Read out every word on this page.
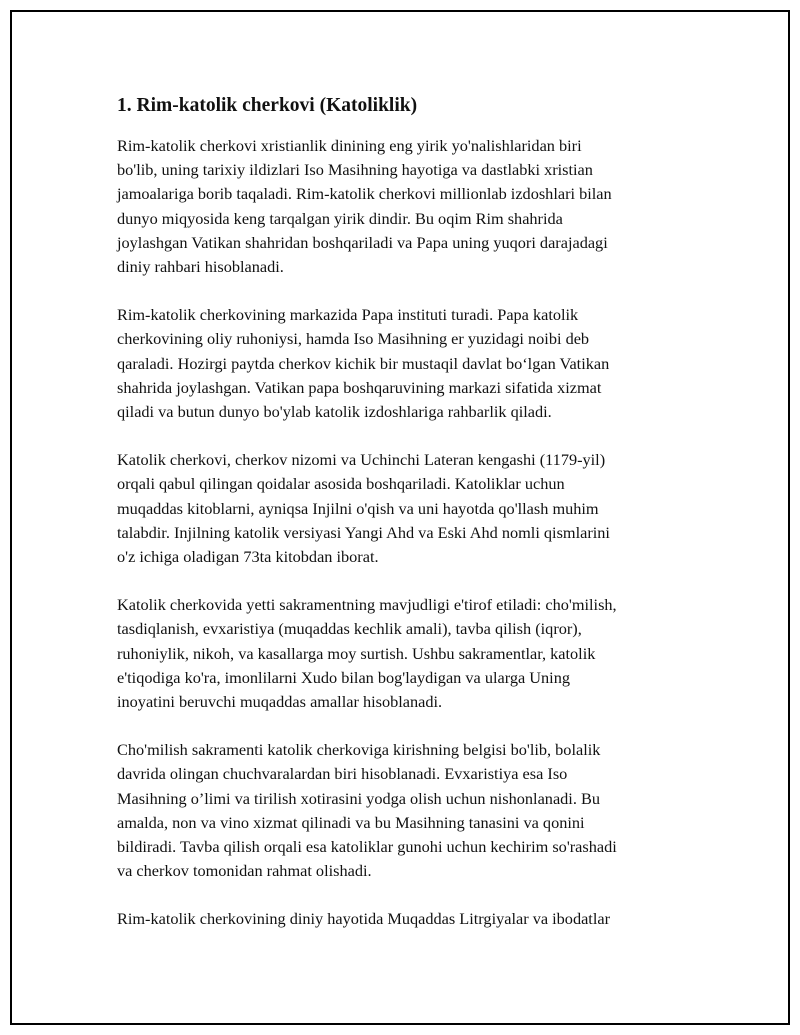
1. Rim-katolik cherkovi (Katoliklik)

Rim-katolik cherkovi xristianlik dinining eng yirik yo'nalishlaridan biri
bo'lib, uning tarixiy ildizlari Iso Masihning hayotiga va dastlabki xristian
jamoalariga borib taqaladi. Rim-katolik cherkovi millionlab izdoshlari bilan
dunyo miqyosida keng tarqalgan yirik dindir. Bu oqim Rim shahrida
joylashgan Vatikan shahridan boshqariladi va Papa uning yuqori darajadagi
diniy rahbari hisoblanadi.

Rim-katolik cherkovining markazida Papa instituti turadi. Papa katolik
cherkovining oliy ruhoniysi, hamda Iso Masihning er yuzidagi noibi deb
qaraladi. Hozirgi paytda cherkov kichik bir mustaqil davlat bo‘lgan Vatikan
shahrida joylashgan. Vatikan papa boshqaruvining markazi sifatida xizmat
qiladi va butun dunyo bo'ylab katolik izdoshlariga rahbarlik qiladi.

Katolik cherkovi, cherkov nizomi va Uchinchi Lateran kengashi (1179-yil)
orqali qabul qilingan qoidalar asosida boshqariladi. Katoliklar uchun
muqaddas kitoblarni, ayniqsa Injilni o'qish va uni hayotda qo'llash muhim
talabdir. Injilning katolik versiyasi Yangi Ahd va Eski Ahd nomli qismlarini
o'z ichiga oladigan 73ta kitobdan iborat.

Katolik cherkovida yetti sakramentning mavjudligi e'tirof etiladi: cho'milish,
tasdiqlanish, evxaristiya (muqaddas kechlik amali), tavba qilish (iqror),
ruhoniylik, nikoh, va kasallarga moy surtish. Ushbu sakramentlar, katolik
e'tiqodiga ko'ra, imonlilarni Xudo bilan bog'laydigan va ularga Uning
inoyatini beruvchi muqaddas amallar hisoblanadi.

Cho'milish sakramenti katolik cherkoviga kirishning belgisi bo'lib, bolalik
davrida olingan chuchvaralardan biri hisoblanadi. Evxaristiya esa Iso
Masihning o’limi va tirilish xotirasini yodga olish uchun nishonlanadi. Bu
amalda, non va vino xizmat qilinadi va bu Masihning tanasini va qonini
bildiradi. Tavba qilish orqali esa katoliklar gunohi uchun kechirim so'rashadi
va cherkov tomonidan rahmat olishadi.

Rim-katolik cherkovining diniy hayotida Muqaddas Litrgiyalar va ibodatlar
